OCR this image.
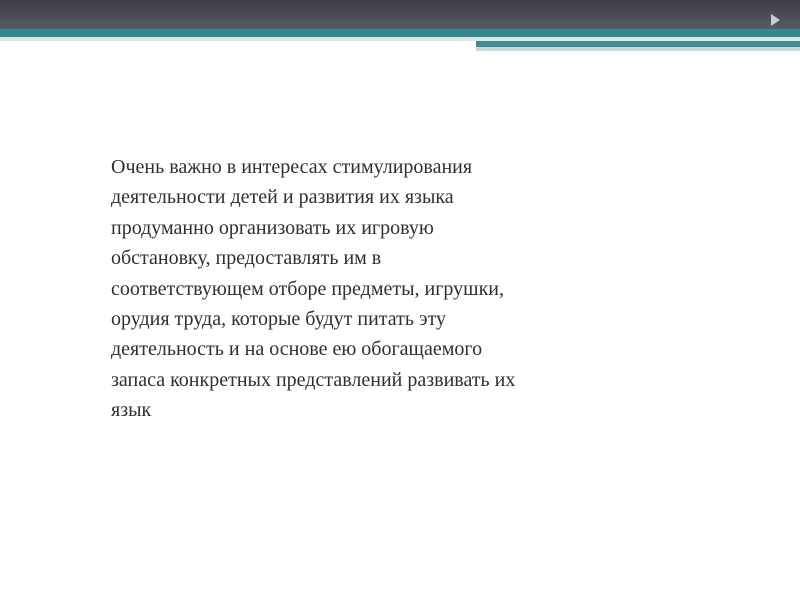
Очень важно в интересах стимулирования
деятельности детей и развития их языка
продуманно организовать их игровую
обстановку, предоставлять им в
соответствующем отборе предметы, игрушки,
орудия труда, которые будут питать эту
деятельность и на основе ею обогащаемого
запаса конкретных представлений развивать их
язык
